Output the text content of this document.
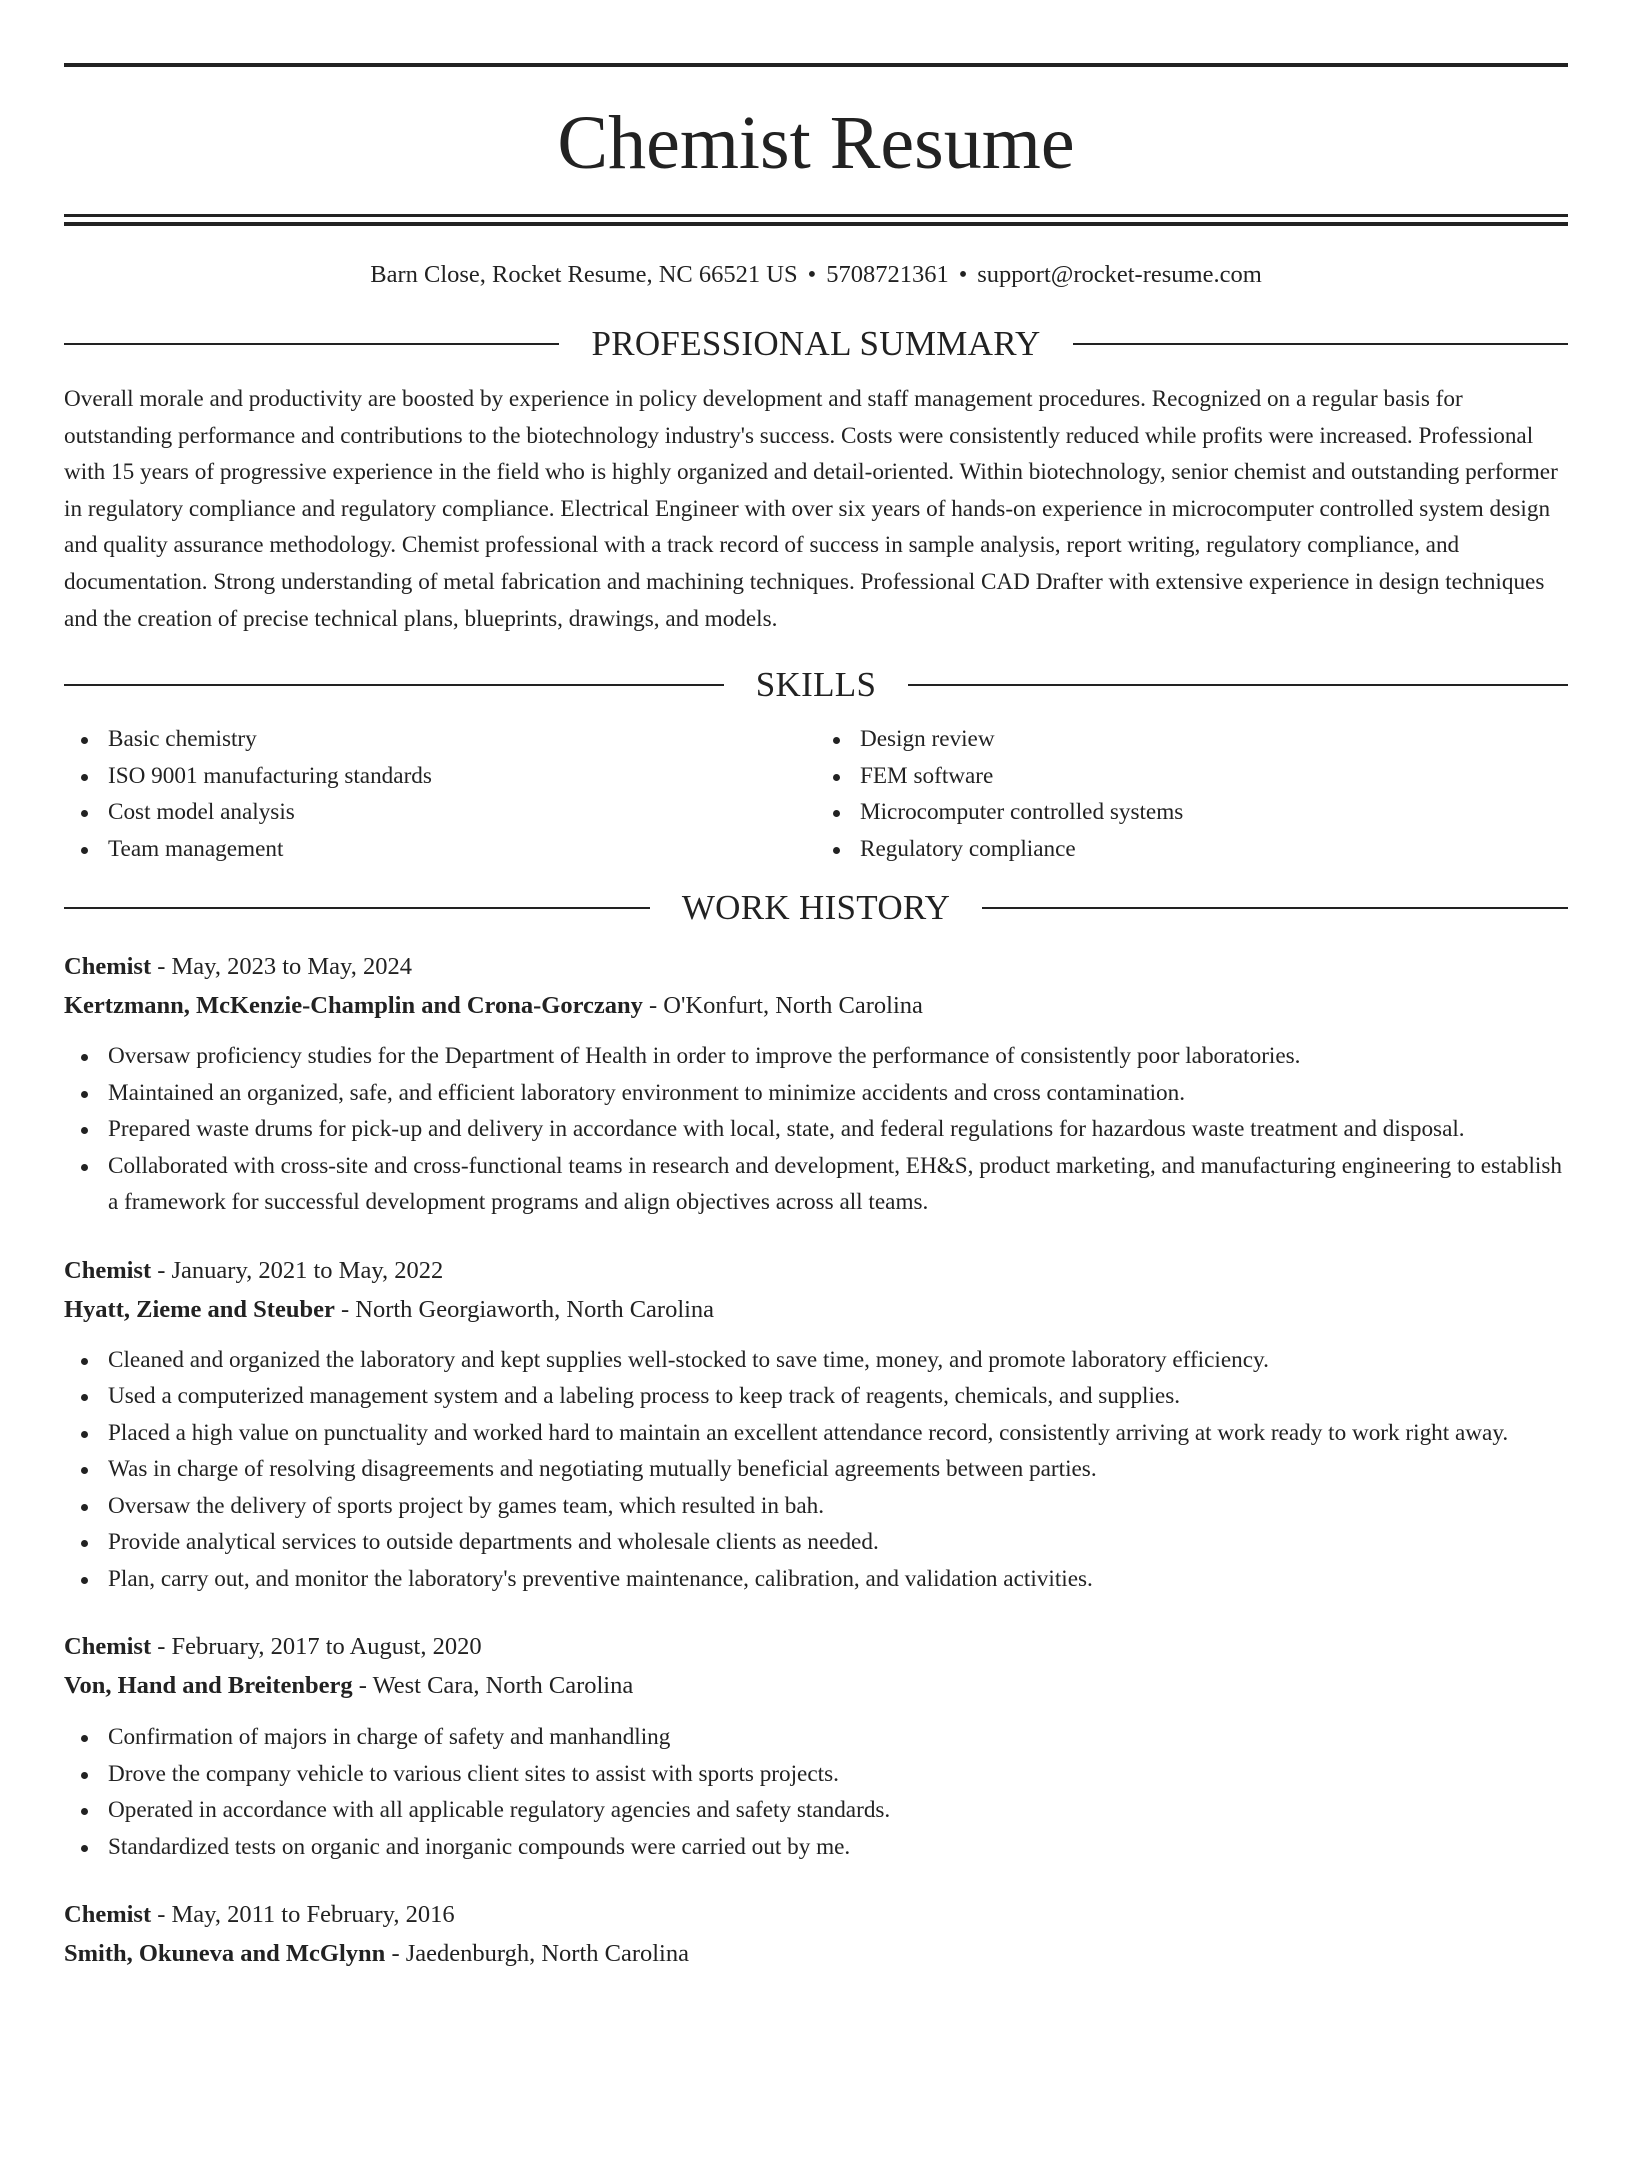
Chemist Resume
Barn Close, Rocket Resume, NC 66521 US • 5708721361 • support@rocket-resume.com
PROFESSIONAL SUMMARY

Overall morale and productivity are boosted by experience in policy development and staff management procedures. Recognized on a regular basis for outstanding performance and contributions to the biotechnology industry's success. Costs were consistently reduced while profits were increased. Professional with 15 years of progressive experience in the field who is highly organized and detail-oriented. Within biotechnology, senior chemist and outstanding performer in regulatory compliance and regulatory compliance. Electrical Engineer with over six years of hands-on experience in microcomputer controlled system design and quality assurance methodology. Chemist professional with a track record of success in sample analysis, report writing, regulatory compliance, and documentation. Strong understanding of metal fabrication and machining techniques. Professional CAD Drafter with extensive experience in design techniques and the creation of precise technical plans, blueprints, drawings, and models.

SKILLS
Basic chemistry
ISO 9001 manufacturing standards
Cost model analysis
Team management
Design review
FEM software
Microcomputer controlled systems
Regulatory compliance
WORK HISTORY
Chemist - May, 2023 to May, 2024
Kertzmann, McKenzie-Champlin and Crona-Gorczany - O'Konfurt, North Carolina
Oversaw proficiency studies for the Department of Health in order to improve the performance of consistently poor laboratories.
Maintained an organized, safe, and efficient laboratory environment to minimize accidents and cross contamination.
Prepared waste drums for pick-up and delivery in accordance with local, state, and federal regulations for hazardous waste treatment and disposal.
Collaborated with cross-site and cross-functional teams in research and development, EH&S, product marketing, and manufacturing engineering to establish a framework for successful development programs and align objectives across all teams.
Chemist - January, 2021 to May, 2022
Hyatt, Zieme and Steuber - North Georgiaworth, North Carolina
Cleaned and organized the laboratory and kept supplies well-stocked to save time, money, and promote laboratory efficiency.
Used a computerized management system and a labeling process to keep track of reagents, chemicals, and supplies.
Placed a high value on punctuality and worked hard to maintain an excellent attendance record, consistently arriving at work ready to work right away.
Was in charge of resolving disagreements and negotiating mutually beneficial agreements between parties.
Oversaw the delivery of sports project by games team, which resulted in bah.
Provide analytical services to outside departments and wholesale clients as needed.
Plan, carry out, and monitor the laboratory's preventive maintenance, calibration, and validation activities.
Chemist - February, 2017 to August, 2020
Von, Hand and Breitenberg - West Cara, North Carolina
Confirmation of majors in charge of safety and manhandling
Drove the company vehicle to various client sites to assist with sports projects.
Operated in accordance with all applicable regulatory agencies and safety standards.
Standardized tests on organic and inorganic compounds were carried out by me.
Chemist - May, 2011 to February, 2016
Smith, Okuneva and McGlynn - Jaedenburgh, North Carolina
